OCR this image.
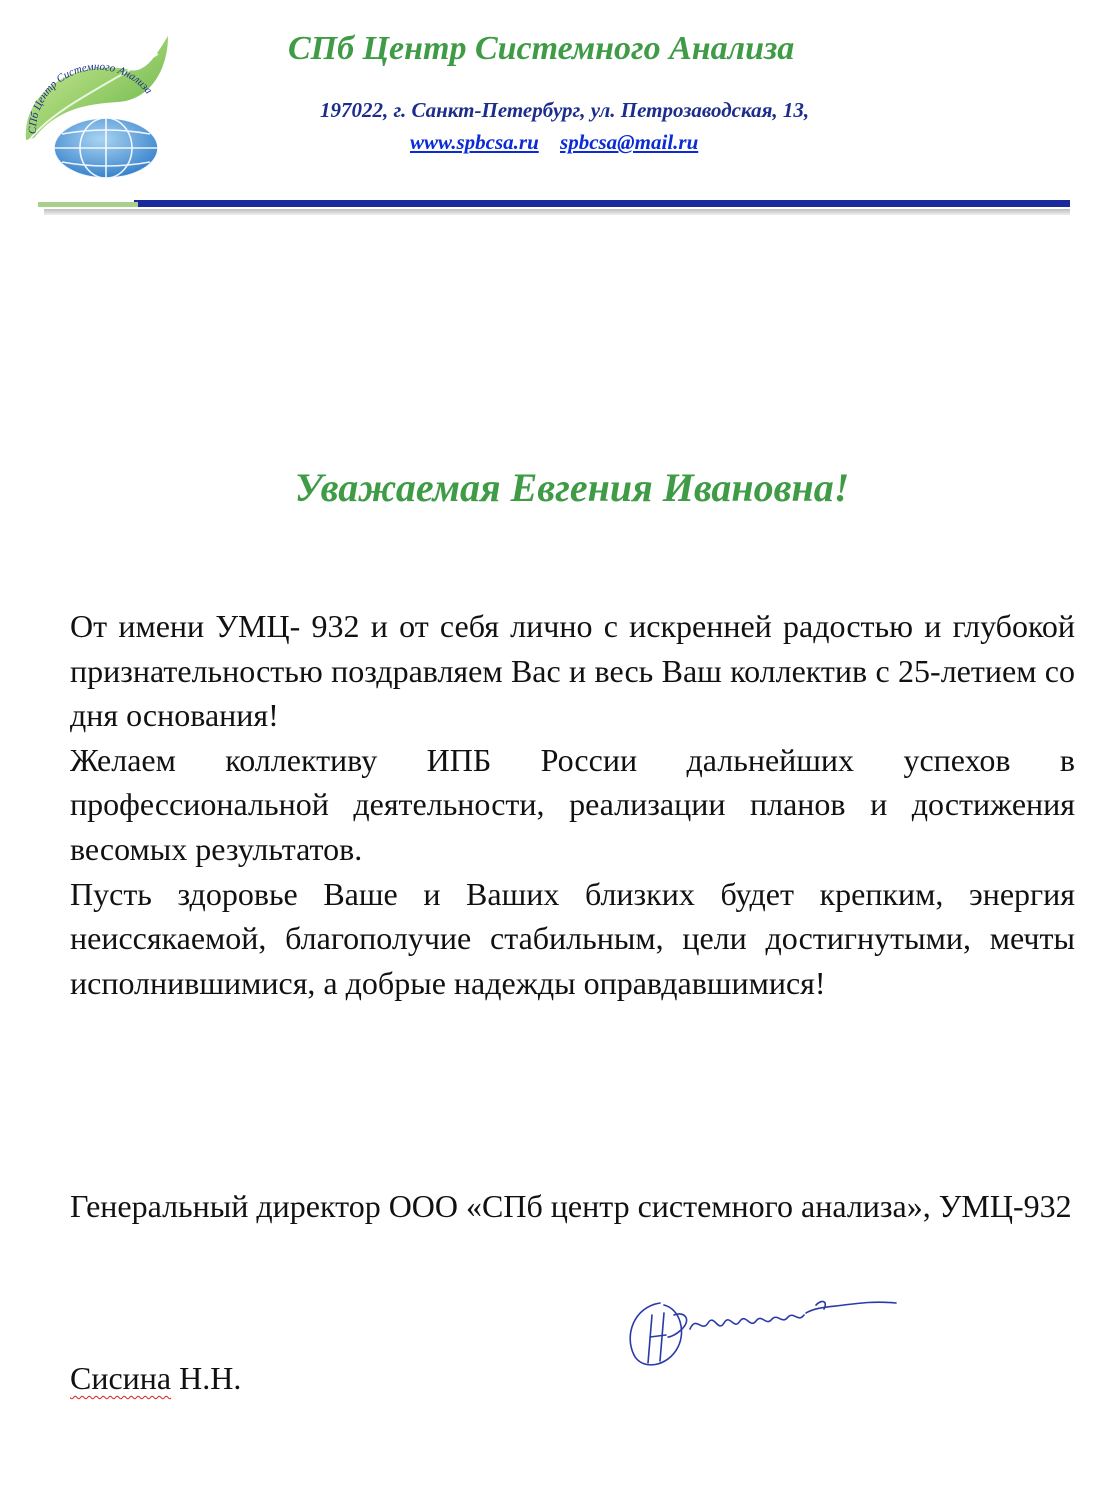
СПб Центр Системного Анализа
СПб Центр Системного Анализа
197022, г. Санкт-Петербург, ул. Петрозаводская, 13,
www.spbcsa.ru spbcsa@mail.ru
Уважаемая Евгения Ивановна!

От имени УМЦ- 932 и от себя лично с искренней радостью и глубокой признательностью поздравляем Вас и весь Ваш коллектив с 25-летием со дня основания!

Желаем коллективу ИПБ России дальнейших успехов в профессиональной деятельности, реализации планов и достижения весомых результатов.

Пусть здоровье Ваше и Ваших близких будет крепким, энергия неиссякаемой, благополучие стабильным, цели достигнутыми, мечты исполнившимися, а добрые надежды оправдавшимися!

Генеральный директор ООО «СПб центр системного анализа», УМЦ-932
Сисина Н.Н.
